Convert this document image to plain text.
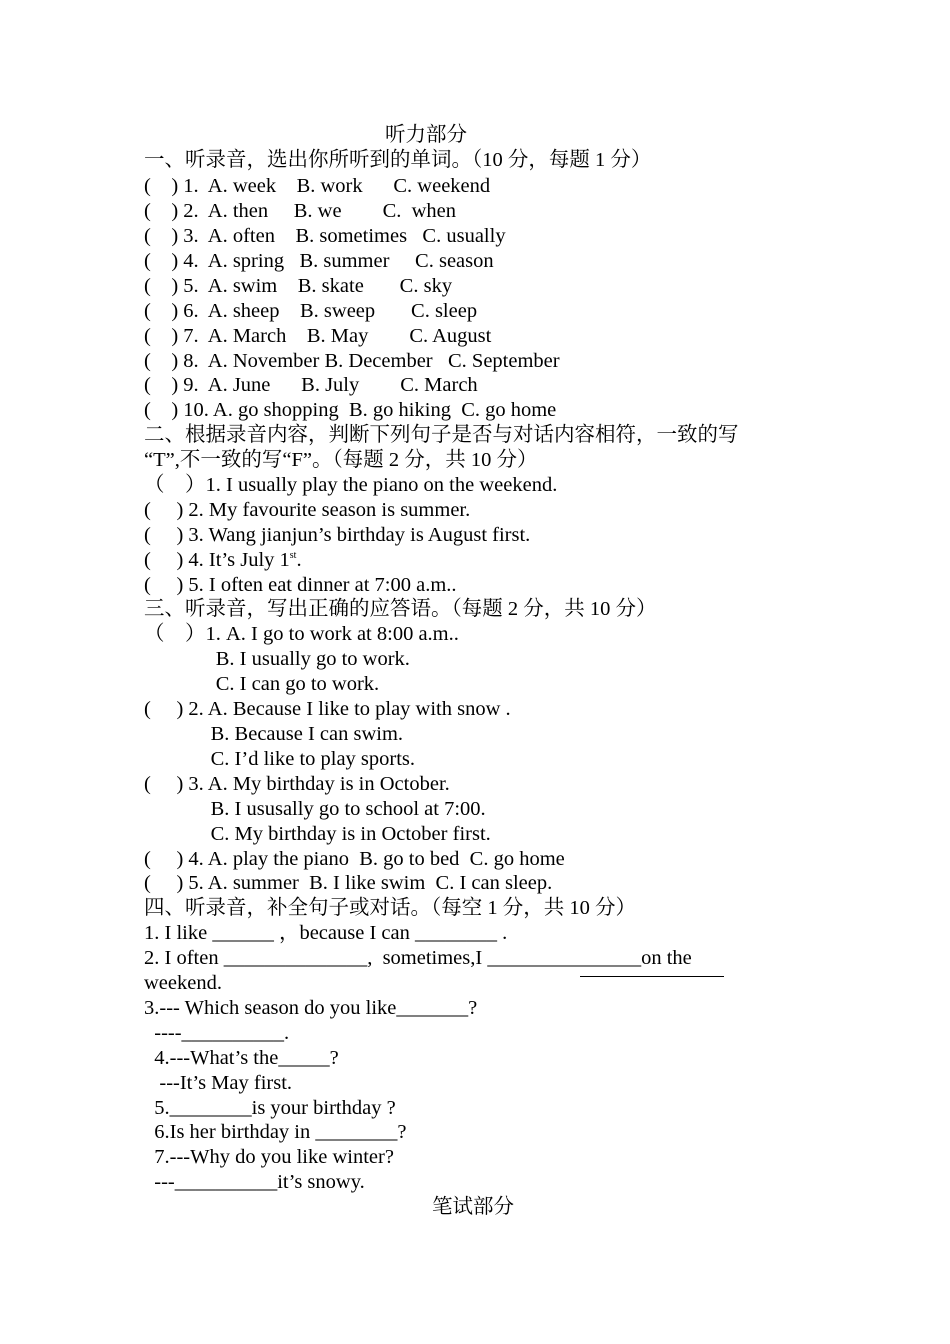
听力部分
一、听录音，选出你所听到的单词。（10 分，每题 1 分）
(    ) 1.  A. week    B. work      C. weekend
(    ) 2.  A. then     B. we        C.  when
(    ) 3.  A. often    B. sometimes   C. usually
(    ) 4.  A. spring   B. summer     C. season
(    ) 5.  A. swim    B. skate       C. sky
(    ) 6.  A. sheep    B. sweep       C. sleep
(    ) 7.  A. March    B. May        C. August
(    ) 8.  A. November B. December   C. September
(    ) 9.  A. June      B. July        C. March
(    ) 10. A. go shopping  B. go hiking  C. go home
二、根据录音内容，判断下列句子是否与对话内容相符，一致的写
“T”,不一致的写“F”。（每题 2 分，共 10 分）
（    ）1. I usually play the piano on the weekend.
(     ) 2. My favourite season is summer.
(     ) 3. Wang jianjun’s birthday is August first.
(     ) 4. It’s July 1st.
(     ) 5. I often eat dinner at 7:00 a.m..
三、听录音，写出正确的应答语。（每题 2 分，共 10 分）
（    ）1. A. I go to work at 8:00 a.m..
B. I usually go to work.
C. I can go to work.
(     ) 2. A. Because I like to play with snow .
B. Because I can swim.
C. I’d like to play sports.
(     ) 3. A. My birthday is in October.
B. I ususally go to school at 7:00.
C. My birthday is in October first.
(     ) 4. A. play the piano  B. go to bed  C. go home
(     ) 5. A. summer  B. I like swim  C. I can sleep.
四、听录音，补全句子或对话。（每空 1 分，共 10 分）
1. I like ______ ，because I can ________ .
2. I often ______________,  sometimes,I _______________on the
weekend.
3.--- Which season do you like_______?
----__________.
4.---What’s the_____?
---It’s May first.
5.________is your birthday ?
6.Is her birthday in ________?
7.---Why do you like winter?
---__________it’s snowy.
笔试部分
